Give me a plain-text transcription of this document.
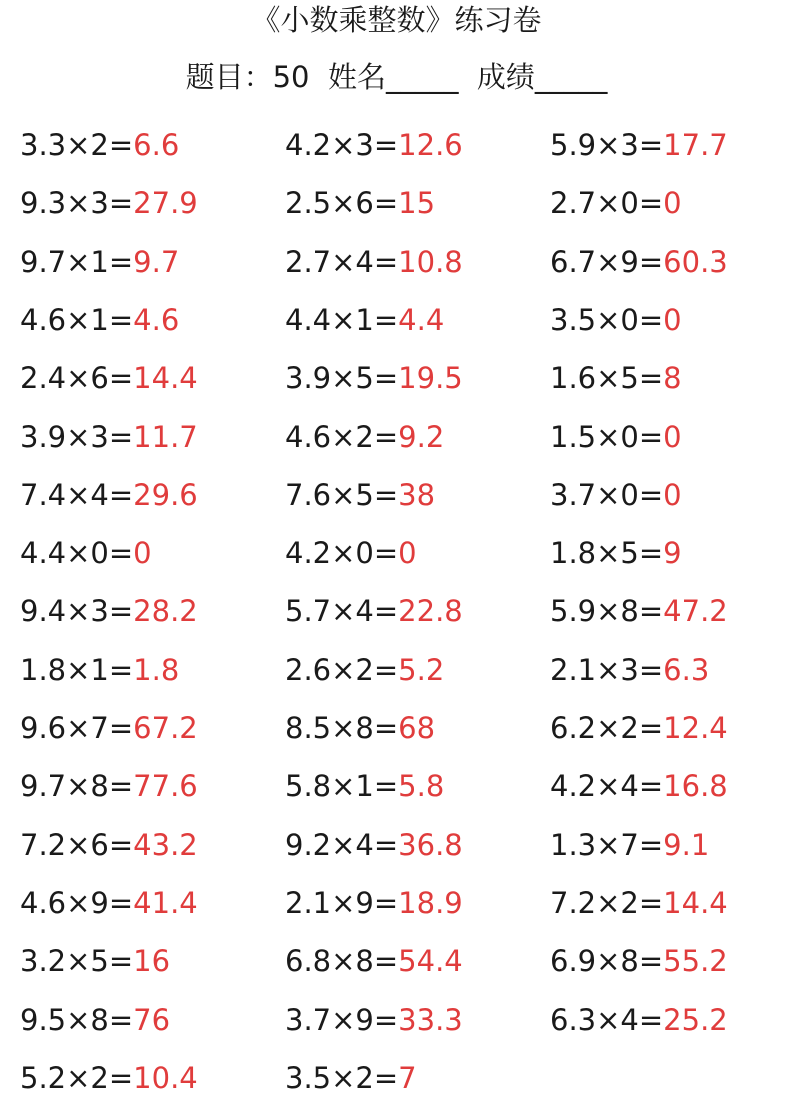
《小数乘整数》练习卷
题目：50 姓名_____ 成绩_____
3.3×2=6.6	4.2×3=12.6	5.9×3=17.7
9.3×3=27.9	2.5×6=15	2.7×0=0
9.7×1=9.7	2.7×4=10.8	6.7×9=60.3
4.6×1=4.6	4.4×1=4.4	3.5×0=0
2.4×6=14.4	3.9×5=19.5	1.6×5=8
3.9×3=11.7	4.6×2=9.2	1.5×0=0
7.4×4=29.6	7.6×5=38	3.7×0=0
4.4×0=0	4.2×0=0	1.8×5=9
9.4×3=28.2	5.7×4=22.8	5.9×8=47.2
1.8×1=1.8	2.6×2=5.2	2.1×3=6.3
9.6×7=67.2	8.5×8=68	6.2×2=12.4
9.7×8=77.6	5.8×1=5.8	4.2×4=16.8
7.2×6=43.2	9.2×4=36.8	1.3×7=9.1
4.6×9=41.4	2.1×9=18.9	7.2×2=14.4
3.2×5=16	6.8×8=54.4	6.9×8=55.2
9.5×8=76	3.7×9=33.3	6.3×4=25.2
5.2×2=10.4	3.5×2=7
